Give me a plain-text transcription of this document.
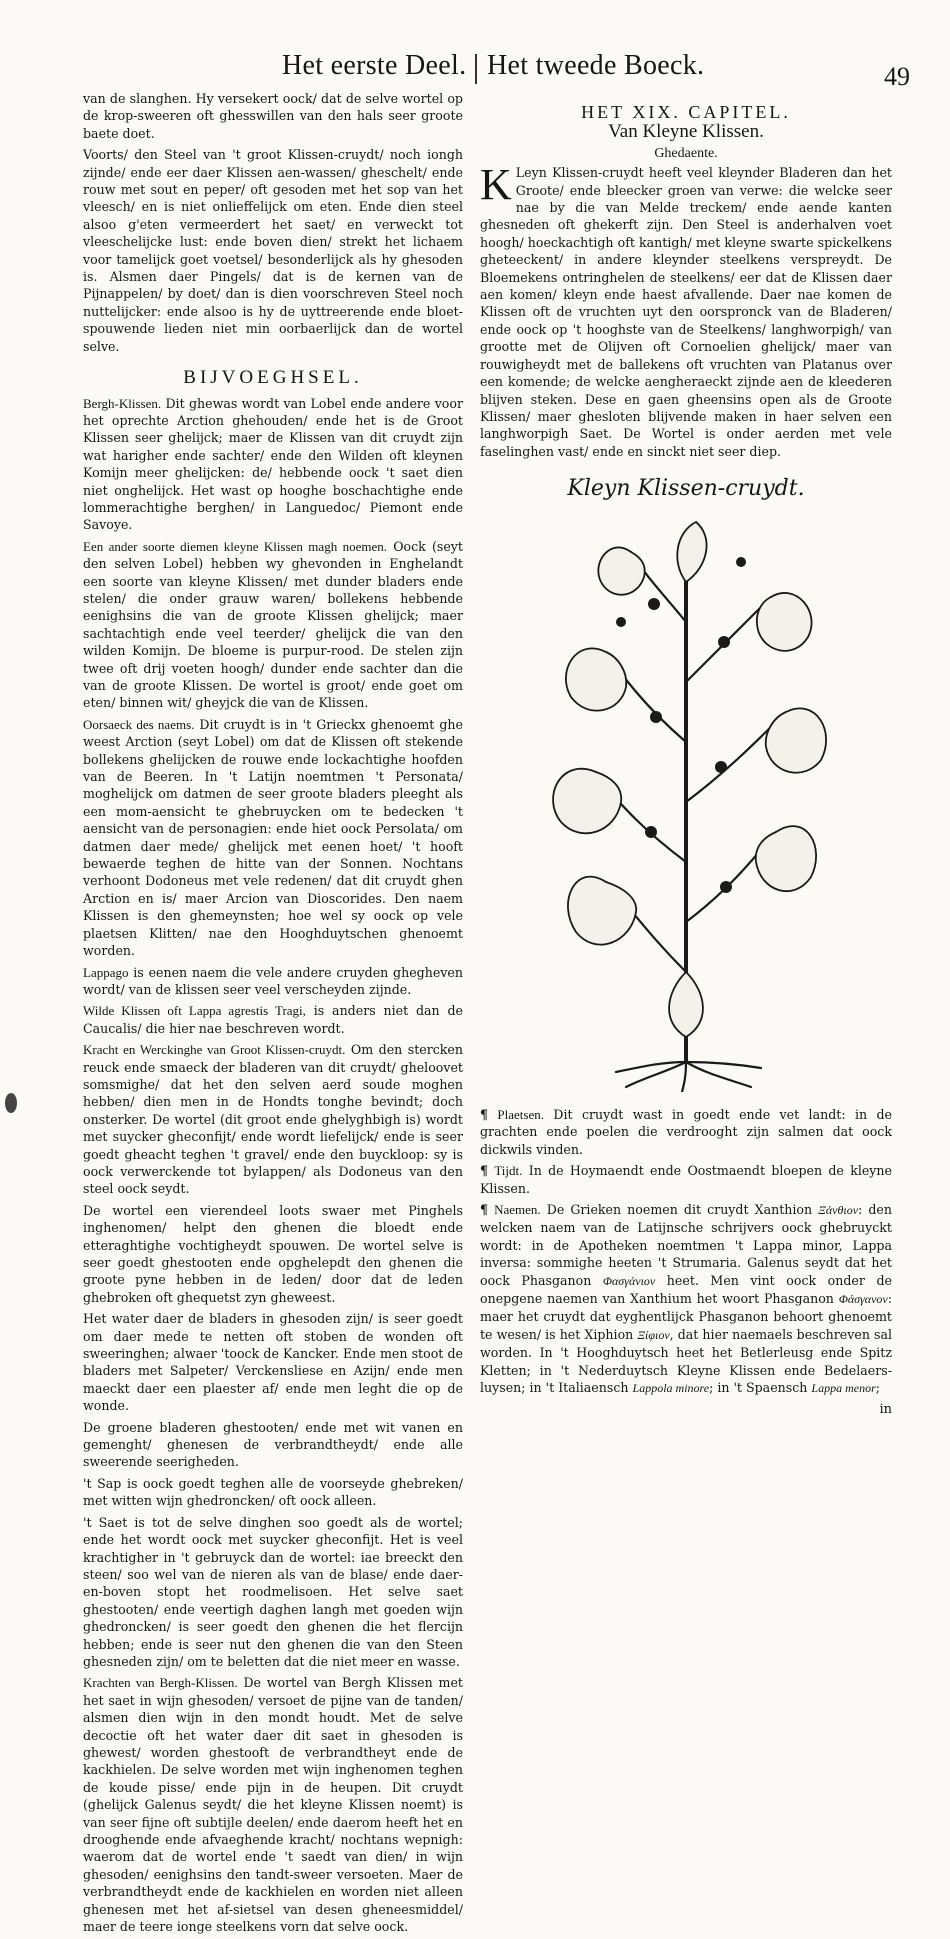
Het eerste Deel. Het tweede Boeck.	49

van de slanghen. Hy versekert oock/ dat de selve wortel op de krop-sweeren oft ghesswillen van den hals seer groote baete doet.

Voorts/ den Steel van 't groot Klissen-cruydt/ noch iongh zijnde/ ende eer daer Klissen aen-wassen/ gheschelt/ ende rouw met sout en peper/ oft gesoden met het sop van het vleesch/ en is niet onlieffelijck om eten. Ende dien steel alsoo g'eten vermeerdert het saet/ en verweckt tot vleeschelijcke lust: ende boven dien/ strekt het lichaem voor tamelijck goet voetsel/ besonderlijck als hy ghesoden is. Alsmen daer Pingels/ dat is de kernen van de Pijnappelen/ by doet/ dan is dien voorschreven Steel noch nuttelijcker: ende alsoo is hy de uyttreerende ende bloet-spouwende lieden niet min oorbaerlijck dan de wortel selve.

BIJVOEGHSEL.

Bergh-Klissen. Dit ghewas wordt van Lobel ende andere voor het oprechte Arction ghehouden/ ende het is de Groot Klissen seer ghelijck; maer de Klissen van dit cruydt zijn wat harigher ende sachter/ ende den Wilden oft kleynen Komijn meer ghelijcken: de/ hebbende oock 't saet dien niet onghelijck. Het wast op hooghe boschachtighe ende lommerachtighe berghen/ in Languedoc/ Piemont ende Savoye.

Een ander soorte diemen kleyne Klissen magh noemen. Oock (seyt den selven Lobel) hebben wy ghevonden in Enghelandt een soorte van kleyne Klissen/ met dunder bladers ende stelen/ die onder grauw waren/ bollekens hebbende eenighsins die van de groote Klissen ghelijck; maer sachtachtigh ende veel teerder/ ghelijck die van den wilden Komijn. De bloeme is purpur-rood. De stelen zijn twee oft drij voeten hoogh/ dunder ende sachter dan die van de groote Klissen. De wortel is groot/ ende goet om eten/ binnen wit/ gheyjck die van de Klissen.

Oorsaeck des naems. Dit cruydt is in 't Grieckx ghenoemt ghe weest Arction (seyt Lobel) om dat de Klissen oft stekende bollekens ghelijcken de rouwe ende lockachtighe hoofden van de Beeren. In 't Latijn noemtmen 't Personata/ moghelijck om datmen de seer groote bladers pleeght als een mom-aensicht te ghebruycken om te bedecken 't aensicht van de personagien: ende hiet oock Persolata/ om datmen daer mede/ ghelijck met eenen hoet/ 't hooft bewaerde teghen de hitte van der Sonnen. Nochtans verhoont Dodoneus met vele redenen/ dat dit cruydt ghen Arction en is/ maer Arcion van Dioscorides. Den naem Klissen is den ghemeynsten; hoe wel sy oock op vele plaetsen Klitten/ nae den Hooghduytschen ghenoemt worden.

Lappago is eenen naem die vele andere cruyden ghegheven wordt/ van de klissen seer veel verscheyden zijnde.

Wilde Klissen oft Lappa agrestis Tragi, is anders niet dan de Caucalis/ die hier nae beschreven wordt.

Kracht en Werckinghe van Groot Klissen-cruydt. Om den stercken reuck ende smaeck der bladeren van dit cruydt/ gheloovet somsmighe/ dat het den selven aerd soude moghen hebben/ dien men in de Hondts tonghe bevindt; doch onsterker. De wortel (dit groot ende ghelyghbigh is) wordt met suycker gheconfijt/ ende wordt liefelijck/ ende is seer goedt gheacht teghen 't gravel/ ende den buyckloop: sy is oock verwerckende tot bylappen/ als Dodoneus van den steel oock seydt.

De wortel een vierendeel loots swaer met Pinghels inghenomen/ helpt den ghenen die bloedt ende etteraghtighe vochtigheydt spouwen. De wortel selve is seer goedt ghestooten ende opghelepdt den ghenen die groote pyne hebben in de leden/ door dat de leden ghebroken oft ghequetst zyn gheweest.

Het water daer de bladers in ghesoden zijn/ is seer goedt om daer mede te netten oft stoben de wonden oft sweeringhen; alwaer 'toock de Kancker. Ende men stoot de bladers met Salpeter/ Verckensliese en Azijn/ ende men maeckt daer een plaester af/ ende men leght die op de wonde.

De groene bladeren ghestooten/ ende met wit vanen en gemenght/ ghenesen de verbrandtheydt/ ende alle sweerende seerigheden.

't Sap is oock goedt teghen alle de voorseyde ghebreken/ met witten wijn ghedroncken/ oft oock alleen.

't Saet is tot de selve dinghen soo goedt als de wortel; ende het wordt oock met suycker gheconfijt. Het is veel krachtigher in 't gebruyck dan de wortel: iae breeckt den steen/ soo wel van de nieren als van de blase/ ende daer-en-boven stopt het roodmelisoen. Het selve saet ghestooten/ ende veertigh daghen langh met goeden wijn ghedroncken/ is seer goedt den ghenen die het flercijn hebben; ende is seer nut den ghenen die van den Steen ghesneden zijn/ om te beletten dat die niet meer en wasse.

Krachten van Bergh-Klissen. De wortel van Bergh Klissen met het saet in wijn ghesoden/ versoet de pijne van de tanden/ alsmen dien wijn in den mondt houdt. Met de selve decoctie oft het water daer dit saet in ghesoden is ghewest/ worden ghestooft de verbrandtheyt ende de kackhielen. De selve worden met wijn inghenomen teghen de koude pisse/ ende pijn in de heupen. Dit cruydt (ghelijck Galenus seydt/ die het kleyne Klissen noemt) is van seer fijne oft subtijle deelen/ ende daerom heeft het en drooghende ende afvaeghende kracht/ nochtans wepnigh: waerom dat de wortel ende 't saedt van dien/ in wijn ghesoden/ eenighsins den tandt-sweer versoeten. Maer de verbrandtheydt ende de kackhielen en worden niet alleen ghenesen met het af-sietsel van desen gheneesmiddel/ maer de teere ionge steelkens vorn dat selve oock.

HET XIX. CAPITEL.
Van Kleyne Klissen.
Ghedaente.

K Leyn Klissen-cruydt heeft veel kleynder Bladeren dan het Groote/ ende bleecker groen van verwe: die welcke seer nae by die van Melde treckem/ ende aende kanten ghesneden oft ghekerft zijn. Den Steel is anderhalven voet hoogh/ hoeckachtigh oft kantigh/ met kleyne swarte spickelkens gheteeckent/ in andere kleynder steelkens verspreydt. De Bloemekens ontringhelen de steelkens/ eer dat de Klissen daer aen komen/ kleyn ende haest afvallende. Daer nae komen de Klissen oft de vruchten uyt den oorspronck van de Bladeren/ ende oock op 't hooghste van de Steelkens/ langhworpigh/ van grootte met de Olijven oft Cornoelien ghelijck/ maer van rouwigheydt met de ballekens oft vruchten van Platanus over een komende; de welcke aengheraeckt zijnde aen de kleederen blijven steken. Dese en gaen gheensins open als de Groote Klissen/ maer ghesloten blijvende maken in haer selven een langhworpigh Saet. De Wortel is onder aerden met vele faselinghen vast/ ende en sinckt niet seer diep.

Kleyn Klissen-cruydt.

¶ Plaetsen. Dit cruydt wast in goedt ende vet landt: in de grachten ende poelen die verdrooght zijn salmen dat oock dickwils vinden.

¶ Tijdt. In de Hoymaendt ende Oostmaendt bloepen de kleyne Klissen.

¶ Naemen. De Grieken noemen dit cruydt Xanthion Ξάνθιον: den welcken naem van de Latijnsche schrijvers oock ghebruyckt wordt: in de Apotheken noemtmen 't Lappa minor, Lappa inversa: sommighe heeten 't Strumaria. Galenus seydt dat het oock Phasganon Φασγάνιον heet. Men vint oock onder de onepgene naemen van Xanthium het woort Phasganon Φάσγανον: maer het cruydt dat eyghentlijck Phasganon behoort ghenoemt te wesen/ is het Xiphion Ξίφιον, dat hier naemaels beschreven sal worden. In 't Hooghduytsch heet het Betlerleusg ende Spitz Kletten; in 't Nederduytsch Kleyne Klissen ende Bedelaers-luysen; in 't Italiaensch Lappola minore; in 't Spaensch Lappa menor;

in
